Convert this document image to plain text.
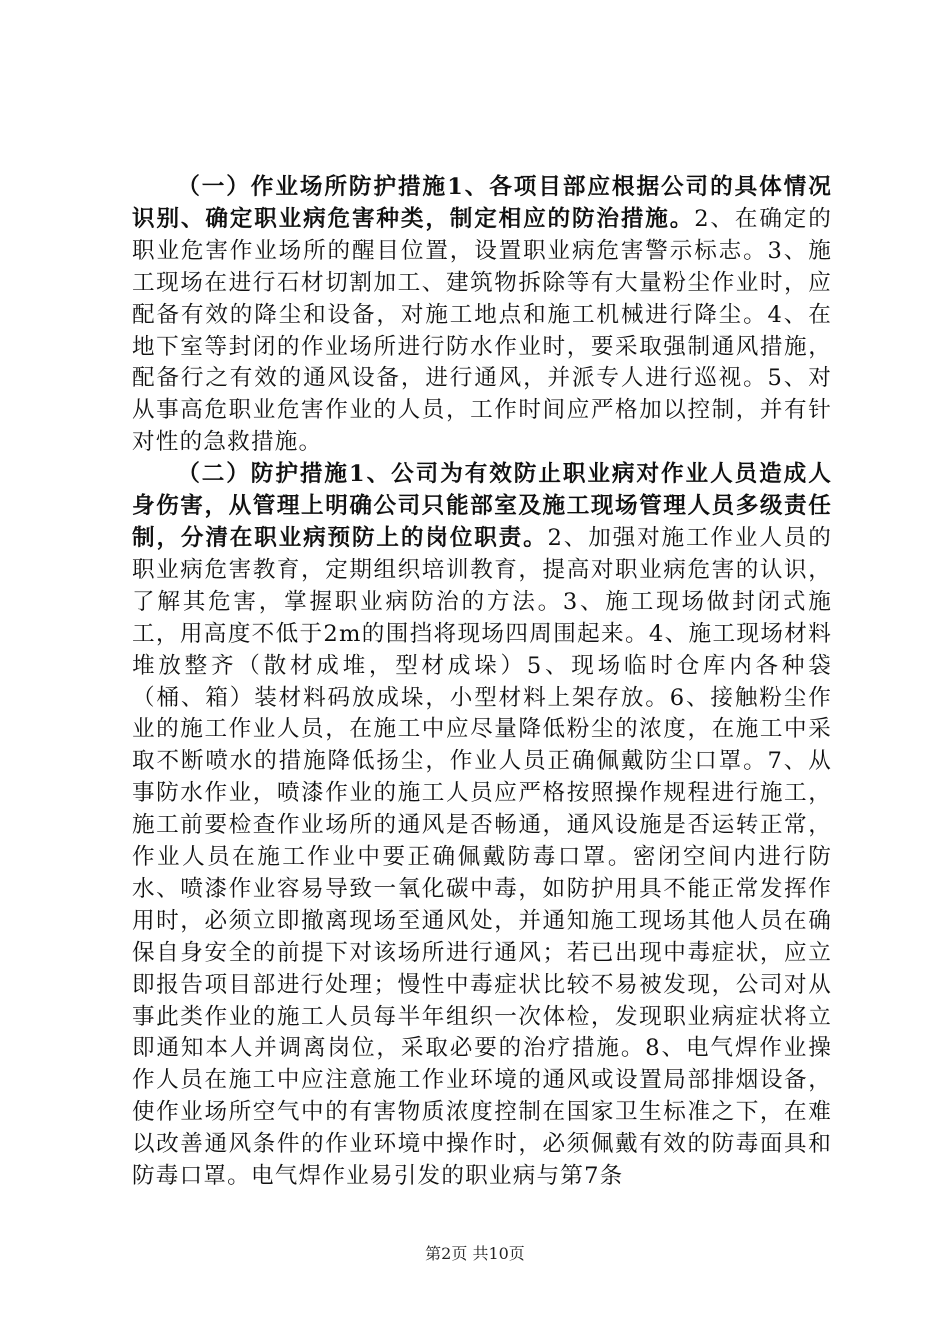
（一）作业场所防护措施1、各项目部应根据公司的具体情况识别、确定职业病危害种类，制定相应的防治措施。2、在确定的职业危害作业场所的醒目位置，设置职业病危害警示标志。3、施工现场在进行石材切割加工、建筑物拆除等有大量粉尘作业时，应配备有效的降尘和设备，对施工地点和施工机械进行降尘。4、在地下室等封闭的作业场所进行防水作业时，要采取强制通风措施，配备行之有效的通风设备，进行通风，并派专人进行巡视。5、对从事高危职业危害作业的人员，工作时间应严格加以控制，并有针对性的急救措施。

（二）防护措施1、公司为有效防止职业病对作业人员造成人身伤害，从管理上明确公司只能部室及施工现场管理人员多级责任制，分清在职业病预防上的岗位职责。2、加强对施工作业人员的职业病危害教育，定期组织培训教育，提高对职业病危害的认识，了解其危害，掌握职业病防治的方法。3、施工现场做封闭式施工，用高度不低于2m的围挡将现场四周围起来。4、施工现场材料堆放整齐（散材成堆，型材成垛）5、现场临时仓库内各种袋（桶、箱）装材料码放成垛，小型材料上架存放。6、接触粉尘作业的施工作业人员，在施工中应尽量降低粉尘的浓度，在施工中采取不断喷水的措施降低扬尘，作业人员正确佩戴防尘口罩。7、从事防水作业，喷漆作业的施工人员应严格按照操作规程进行施工，施工前要检查作业场所的通风是否畅通，通风设施是否运转正常，作业人员在施工作业中要正确佩戴防毒口罩。密闭空间内进行防水、喷漆作业容易导致一氧化碳中毒，如防护用具不能正常发挥作用时，必须立即撤离现场至通风处，并通知施工现场其他人员在确保自身安全的前提下对该场所进行通风；若已出现中毒症状，应立即报告项目部进行处理；慢性中毒症状比较不易被发现，公司对从事此类作业的施工人员每半年组织一次体检，发现职业病症状将立即通知本人并调离岗位，采取必要的治疗措施。8、电气焊作业操作人员在施工中应注意施工作业环境的通风或设置局部排烟设备，使作业场所空气中的有害物质浓度控制在国家卫生标准之下，在难以改善通风条件的作业环境中操作时，必须佩戴有效的防毒面具和防毒口罩。电气焊作业易引发的职业病与第7条

第2页 共10页
